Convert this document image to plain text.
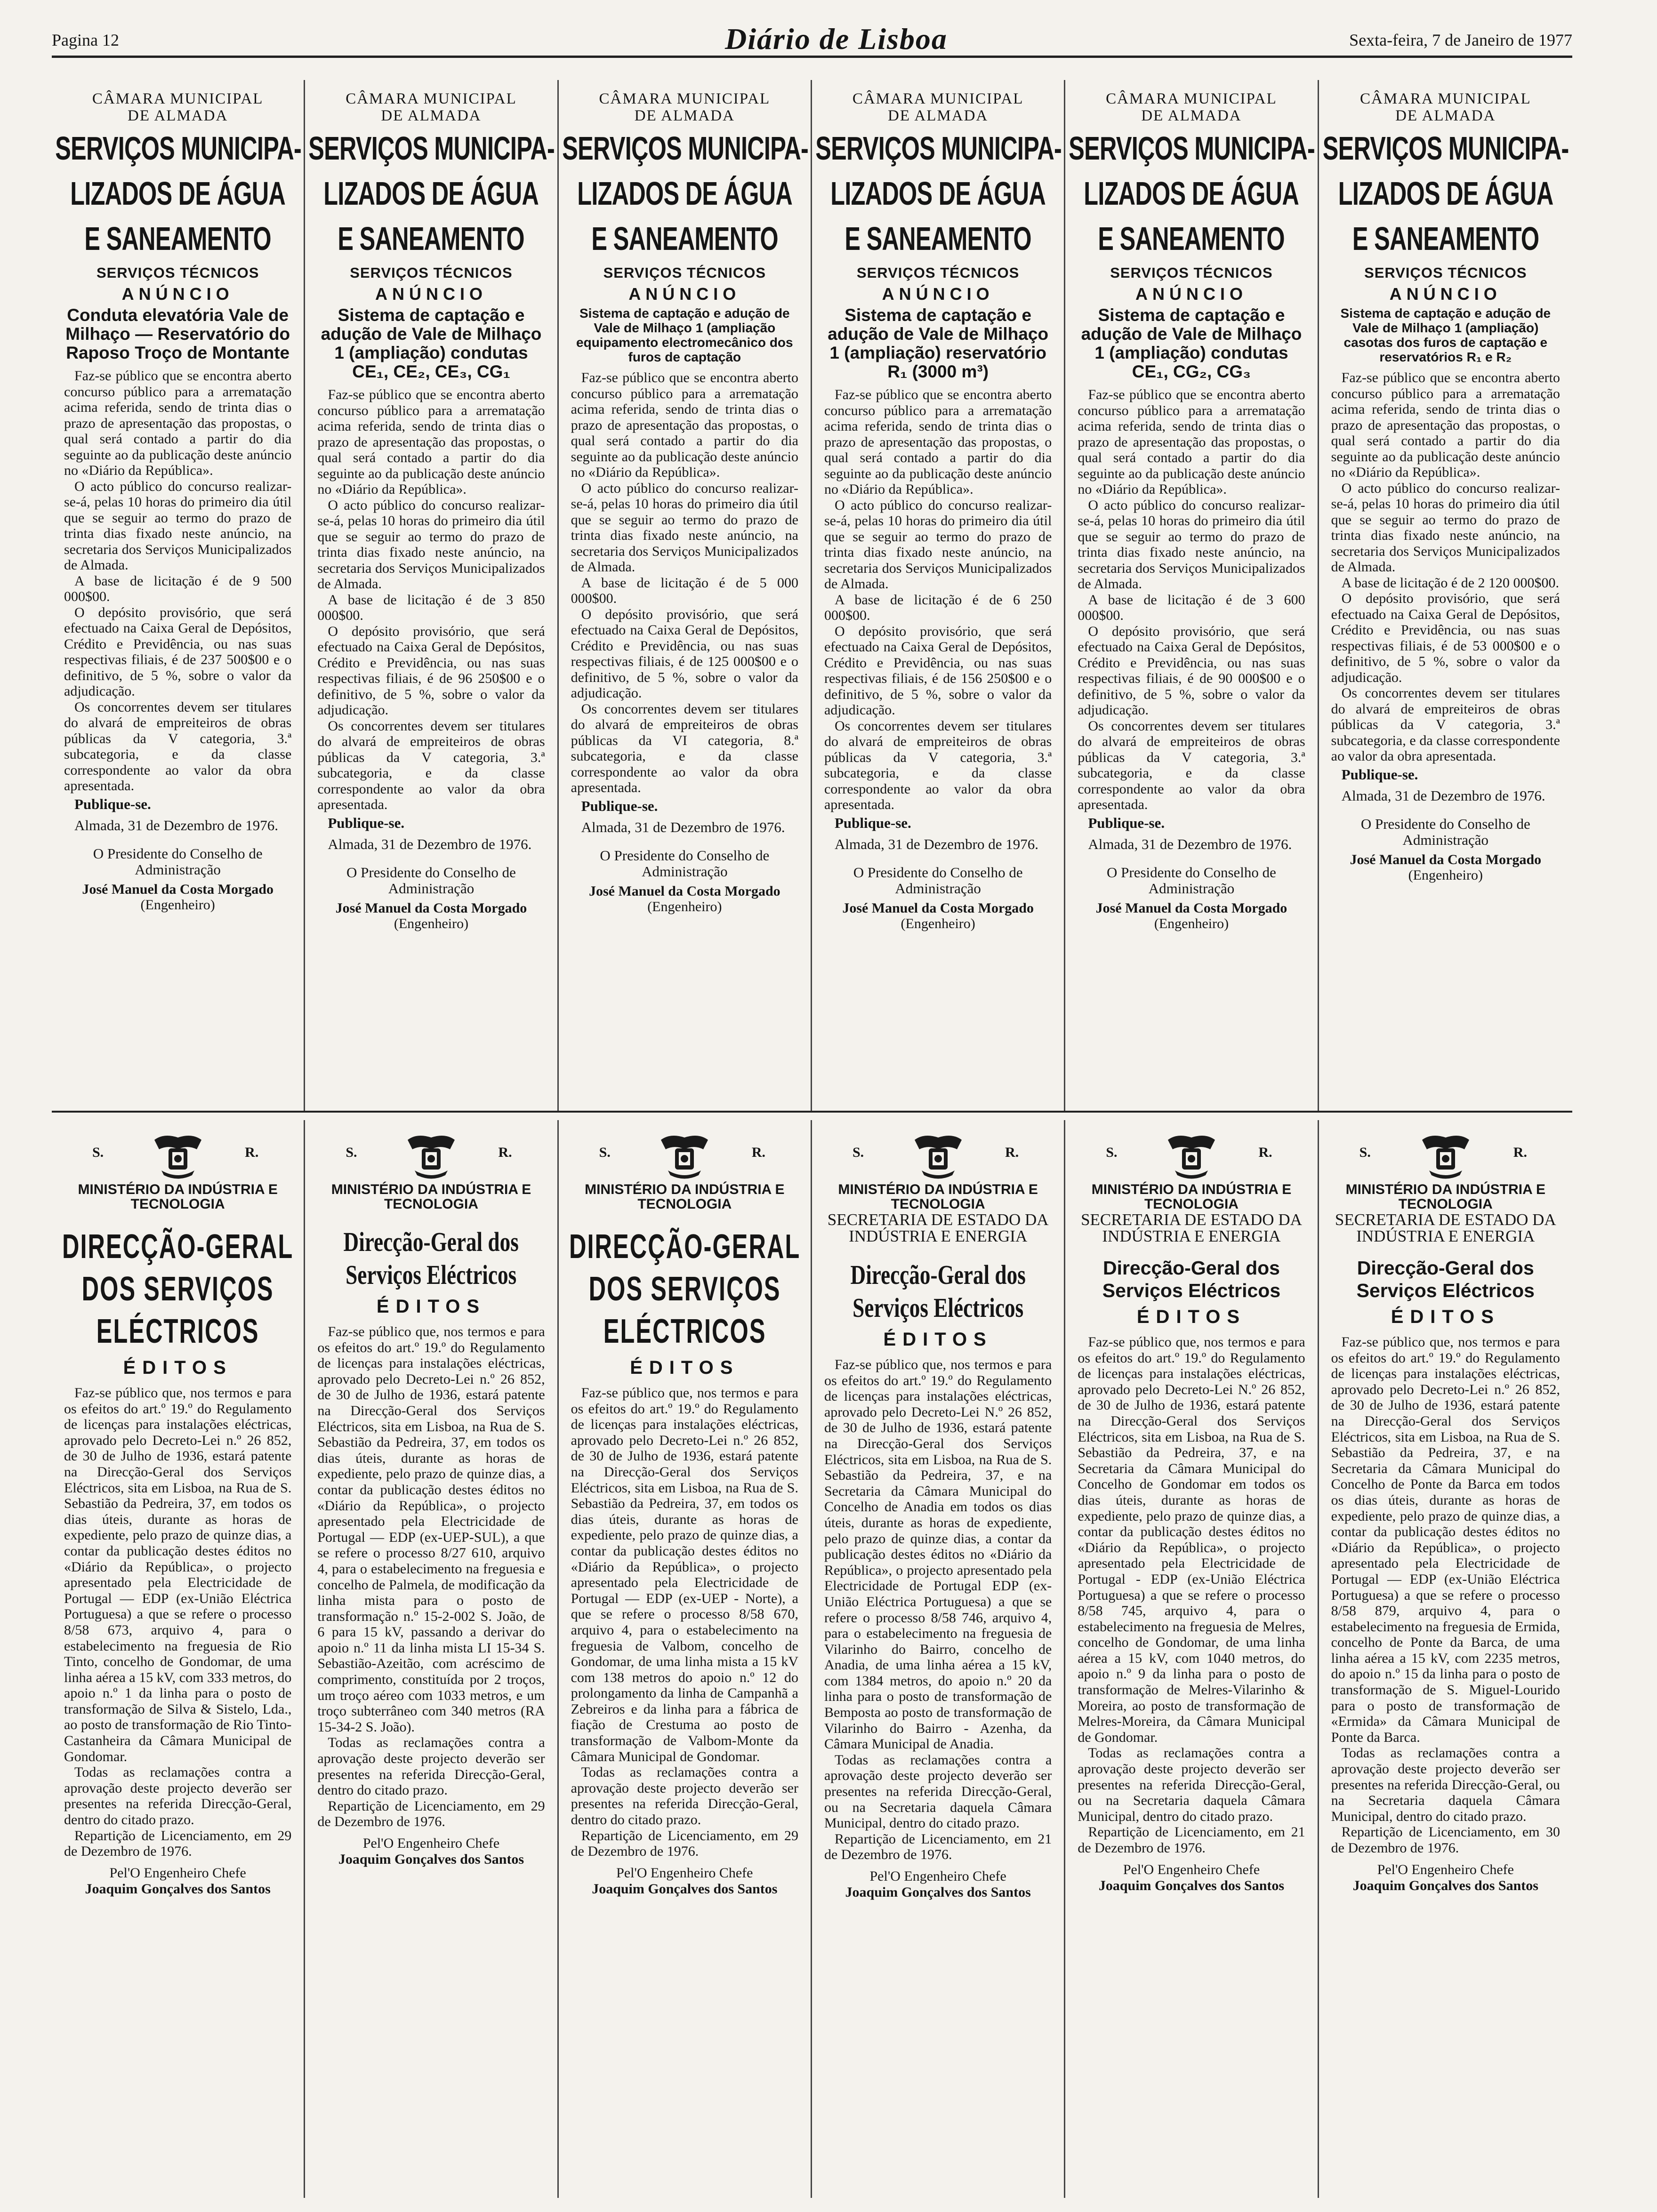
Pagina 12	Diário de Lisboa	Sexta-feira, 7 de Janeiro de 1977
CÂMARA MUNICIPAL
DE ALMADA
SERVIÇOS MUNICIPA-
LIZADOS DE ÁGUA
E SANEAMENTO
SERVIÇOS TÉCNICOS
ANÚNCIO
Conduta elevatória Vale de Milhaço — Reservatório do Raposo Troço de Montante

Faz-se público que se encontra aberto concurso público para a arrematação acima referida, sendo de trinta dias o prazo de apresentação das propostas, o qual será contado a partir do dia seguinte ao da publicação deste anúncio no «Diário da República».

O acto público do concurso realizar-se-á, pelas 10 horas do primeiro dia útil que se seguir ao termo do prazo de trinta dias fixado neste anúncio, na secretaria dos Serviços Municipalizados de Almada.

A base de licitação é de 9 500 000$00.

O depósito provisório, que será efectuado na Caixa Geral de Depósitos, Crédito e Previdência, ou nas suas respectivas filiais, é de 237 500$00 e o definitivo, de 5 %, sobre o valor da adjudicação.

Os concorrentes devem ser titulares do alvará de empreiteiros de obras públicas da V categoria, 3.ª subcategoria, e da classe correspondente ao valor da obra apresentada.

Publique-se.
Almada, 31 de Dezembro de 1976.
O Presidente do Conselho de Administração
José Manuel da Costa Morgado
(Engenheiro)
CÂMARA MUNICIPAL
DE ALMADA
SERVIÇOS MUNICIPA-
LIZADOS DE ÁGUA
E SANEAMENTO
SERVIÇOS TÉCNICOS
ANÚNCIO
Sistema de captação e adução de Vale de Milhaço 1 (ampliação) condutas CE₁, CE₂, CE₃, CG₁

Faz-se público que se encontra aberto concurso público para a arrematação acima referida, sendo de trinta dias o prazo de apresentação das propostas, o qual será contado a partir do dia seguinte ao da publicação deste anúncio no «Diário da República».

O acto público do concurso realizar-se-á, pelas 10 horas do primeiro dia útil que se seguir ao termo do prazo de trinta dias fixado neste anúncio, na secretaria dos Serviços Municipalizados de Almada.

A base de licitação é de 3 850 000$00.

O depósito provisório, que será efectuado na Caixa Geral de Depósitos, Crédito e Previdência, ou nas suas respectivas filiais, é de 96 250$00 e o definitivo, de 5 %, sobre o valor da adjudicação.

Os concorrentes devem ser titulares do alvará de empreiteiros de obras públicas da V categoria, 3.ª subcategoria, e da classe correspondente ao valor da obra apresentada.

Publique-se.
Almada, 31 de Dezembro de 1976.
O Presidente do Conselho de Administração
José Manuel da Costa Morgado
(Engenheiro)
CÂMARA MUNICIPAL
DE ALMADA
SERVIÇOS MUNICIPA-
LIZADOS DE ÁGUA
E SANEAMENTO
SERVIÇOS TÉCNICOS
ANÚNCIO
Sistema de captação e adução de Vale de Milhaço 1 (ampliação equipamento electromecânico dos furos de captação

Faz-se público que se encontra aberto concurso público para a arrematação acima referida, sendo de trinta dias o prazo de apresentação das propostas, o qual será contado a partir do dia seguinte ao da publicação deste anúncio no «Diário da República».

O acto público do concurso realizar-se-á, pelas 10 horas do primeiro dia útil que se seguir ao termo do prazo de trinta dias fixado neste anúncio, na secretaria dos Serviços Municipalizados de Almada.

A base de licitação é de 5 000 000$00.

O depósito provisório, que será efectuado na Caixa Geral de Depósitos, Crédito e Previdência, ou nas suas respectivas filiais, é de 125 000$00 e o definitivo, de 5 %, sobre o valor da adjudicação.

Os concorrentes devem ser titulares do alvará de empreiteiros de obras públicas da VI categoria, 8.ª subcategoria, e da classe correspondente ao valor da obra apresentada.

Publique-se.
Almada, 31 de Dezembro de 1976.
O Presidente do Conselho de Administração
José Manuel da Costa Morgado
(Engenheiro)
CÂMARA MUNICIPAL
DE ALMADA
SERVIÇOS MUNICIPA-
LIZADOS DE ÁGUA
E SANEAMENTO
SERVIÇOS TÉCNICOS
ANÚNCIO
Sistema de captação e adução de Vale de Milhaço 1 (ampliação) reservatório R₁ (3000 m³)

Faz-se público que se encontra aberto concurso público para a arrematação acima referida, sendo de trinta dias o prazo de apresentação das propostas, o qual será contado a partir do dia seguinte ao da publicação deste anúncio no «Diário da República».

O acto público do concurso realizar-se-á, pelas 10 horas do primeiro dia útil que se seguir ao termo do prazo de trinta dias fixado neste anúncio, na secretaria dos Serviços Municipalizados de Almada.

A base de licitação é de 6 250 000$00.

O depósito provisório, que será efectuado na Caixa Geral de Depósitos, Crédito e Previdência, ou nas suas respectivas filiais, é de 156 250$00 e o definitivo, de 5 %, sobre o valor da adjudicação.

Os concorrentes devem ser titulares do alvará de empreiteiros de obras públicas da V categoria, 3.ª subcategoria, e da classe correspondente ao valor da obra apresentada.

Publique-se.
Almada, 31 de Dezembro de 1976.
O Presidente do Conselho de Administração
José Manuel da Costa Morgado
(Engenheiro)
CÂMARA MUNICIPAL
DE ALMADA
SERVIÇOS MUNICIPA-
LIZADOS DE ÁGUA
E SANEAMENTO
SERVIÇOS TÉCNICOS
ANÚNCIO
Sistema de captação e adução de Vale de Milhaço 1 (ampliação) condutas CE₁, CG₂, CG₃

Faz-se público que se encontra aberto concurso público para a arrematação acima referida, sendo de trinta dias o prazo de apresentação das propostas, o qual será contado a partir do dia seguinte ao da publicação deste anúncio no «Diário da República».

O acto público do concurso realizar-se-á, pelas 10 horas do primeiro dia útil que se seguir ao termo do prazo de trinta dias fixado neste anúncio, na secretaria dos Serviços Municipalizados de Almada.

A base de licitação é de 3 600 000$00.

O depósito provisório, que será efectuado na Caixa Geral de Depósitos, Crédito e Previdência, ou nas suas respectivas filiais, é de 90 000$00 e o definitivo, de 5 %, sobre o valor da adjudicação.

Os concorrentes devem ser titulares do alvará de empreiteiros de obras públicas da V categoria, 3.ª subcategoria, e da classe correspondente ao valor da obra apresentada.

Publique-se.
Almada, 31 de Dezembro de 1976.
O Presidente do Conselho de Administração
José Manuel da Costa Morgado
(Engenheiro)
CÂMARA MUNICIPAL
DE ALMADA
SERVIÇOS MUNICIPA-
LIZADOS DE ÁGUA
E SANEAMENTO
SERVIÇOS TÉCNICOS
ANÚNCIO
Sistema de captação e adução de Vale de Milhaço 1 (ampliação) casotas dos furos de captação e reservatórios R₁ e R₂

Faz-se público que se encontra aberto concurso público para a arrematação acima referida, sendo de trinta dias o prazo de apresentação das propostas, o qual será contado a partir do dia seguinte ao da publicação deste anúncio no «Diário da República».

O acto público do concurso realizar-se-á, pelas 10 horas do primeiro dia útil que se seguir ao termo do prazo de trinta dias fixado neste anúncio, na secretaria dos Serviços Municipalizados de Almada.

A base de licitação é de 2 120 000$00.

O depósito provisório, que será efectuado na Caixa Geral de Depósitos, Crédito e Previdência, ou nas suas respectivas filiais, é de 53 000$00 e o definitivo, de 5 %, sobre o valor da adjudicação.

Os concorrentes devem ser titulares do alvará de empreiteiros de obras públicas da V categoria, 3.ª subcategoria, e da classe correspondente ao valor da obra apresentada.

Publique-se.
Almada, 31 de Dezembro de 1976.
O Presidente do Conselho de Administração
José Manuel da Costa Morgado
(Engenheiro)
S.	R.
MINISTÉRIO DA INDÚSTRIA E TECNOLOGIA
DIRECÇÃO-GERAL
DOS SERVIÇOS
ELÉCTRICOS
ÉDITOS

Faz-se público que, nos termos e para os efeitos do art.º 19.º do Regulamento de licenças para instalações eléctricas, aprovado pelo Decreto-Lei n.º 26 852, de 30 de Julho de 1936, estará patente na Direcção-Geral dos Serviços Eléctricos, sita em Lisboa, na Rua de S. Sebastião da Pedreira, 37, em todos os dias úteis, durante as horas de expediente, pelo prazo de quinze dias, a contar da publicação destes éditos no «Diário da República», o projecto apresentado pela Electricidade de Portugal — EDP (ex-União Eléctrica Portuguesa) a que se refere o processo 8/58 673, arquivo 4, para o estabelecimento na freguesia de Rio Tinto, concelho de Gondomar, de uma linha aérea a 15 kV, com 333 metros, do apoio n.º 1 da linha para o posto de transformação de Silva & Sistelo, Lda., ao posto de transformação de Rio Tinto-Castanheira da Câmara Municipal de Gondomar.

Todas as reclamações contra a aprovação deste projecto deverão ser presentes na referida Direcção-Geral, dentro do citado prazo.

Repartição de Licenciamento, em 29 de Dezembro de 1976.

Pel'O Engenheiro Chefe
Joaquim Gonçalves dos Santos
S.	R.
MINISTÉRIO DA INDÚSTRIA E TECNOLOGIA
Direcção-Geral dos
Serviços Eléctricos
ÉDITOS

Faz-se público que, nos termos e para os efeitos do art.º 19.º do Regulamento de licenças para instalações eléctricas, aprovado pelo Decreto-Lei n.º 26 852, de 30 de Julho de 1936, estará patente na Direcção-Geral dos Serviços Eléctricos, sita em Lisboa, na Rua de S. Sebastião da Pedreira, 37, em todos os dias úteis, durante as horas de expediente, pelo prazo de quinze dias, a contar da publicação destes éditos no «Diário da República», o projecto apresentado pela Electricidade de Portugal — EDP (ex-UEP-SUL), a que se refere o processo 8/27 610, arquivo 4, para o estabelecimento na freguesia e concelho de Palmela, de modificação da linha mista para o posto de transformação n.º 15-2-002 S. João, de 6 para 15 kV, passando a derivar do apoio n.º 11 da linha mista LI 15-34 S. Sebastião-Azeitão, com acréscimo de comprimento, constituída por 2 troços, um troço aéreo com 1033 metros, e um troço subterrâneo com 340 metros (RA 15-34-2 S. João).

Todas as reclamações contra a aprovação deste projecto deverão ser presentes na referida Direcção-Geral, dentro do citado prazo.

Repartição de Licenciamento, em 29 de Dezembro de 1976.

Pel'O Engenheiro Chefe
Joaquim Gonçalves dos Santos
S.	R.
MINISTÉRIO DA INDÚSTRIA E TECNOLOGIA
DIRECÇÃO-GERAL
DOS SERVIÇOS
ELÉCTRICOS
ÉDITOS

Faz-se público que, nos termos e para os efeitos do art.º 19.º do Regulamento de licenças para instalações eléctricas, aprovado pelo Decreto-Lei n.º 26 852, de 30 de Julho de 1936, estará patente na Direcção-Geral dos Serviços Eléctricos, sita em Lisboa, na Rua de S. Sebastião da Pedreira, 37, em todos os dias úteis, durante as horas de expediente, pelo prazo de quinze dias, a contar da publicação destes éditos no «Diário da República», o projecto apresentado pela Electricidade de Portugal — EDP (ex-UEP - Norte), a que se refere o processo 8/58 670, arquivo 4, para o estabelecimento na freguesia de Valbom, concelho de Gondomar, de uma linha mista a 15 kV com 138 metros do apoio n.º 12 do prolongamento da linha de Campanhã a Zebreiros e da linha para a fábrica de fiação de Crestuma ao posto de transformação de Valbom-Monte da Câmara Municipal de Gondomar.

Todas as reclamações contra a aprovação deste projecto deverão ser presentes na referida Direcção-Geral, dentro do citado prazo.

Repartição de Licenciamento, em 29 de Dezembro de 1976.

Pel'O Engenheiro Chefe
Joaquim Gonçalves dos Santos
S.	R.
MINISTÉRIO DA INDÚSTRIA E TECNOLOGIA
SECRETARIA DE ESTADO DA INDÚSTRIA E ENERGIA
Direcção-Geral dos
Serviços Eléctricos
ÉDITOS

Faz-se público que, nos termos e para os efeitos do art.º 19.º do Regulamento de licenças para instalações eléctricas, aprovado pelo Decreto-Lei N.º 26 852, de 30 de Julho de 1936, estará patente na Direcção-Geral dos Serviços Eléctricos, sita em Lisboa, na Rua de S. Sebastião da Pedreira, 37, e na Secretaria da Câmara Municipal do Concelho de Anadia em todos os dias úteis, durante as horas de expediente, pelo prazo de quinze dias, a contar da publicação destes éditos no «Diário da República», o projecto apresentado pela Electricidade de Portugal EDP (ex-União Eléctrica Portuguesa) a que se refere o processo 8/58 746, arquivo 4, para o estabelecimento na freguesia de Vilarinho do Bairro, concelho de Anadia, de uma linha aérea a 15 kV, com 1384 metros, do apoio n.º 20 da linha para o posto de transformação de Bemposta ao posto de transformação de Vilarinho do Bairro - Azenha, da Câmara Municipal de Anadia.

Todas as reclamações contra a aprovação deste projecto deverão ser presentes na referida Direcção-Geral, ou na Secretaria daquela Câmara Municipal, dentro do citado prazo.

Repartição de Licenciamento, em 21 de Dezembro de 1976.

Pel'O Engenheiro Chefe
Joaquim Gonçalves dos Santos
S.	R.
MINISTÉRIO DA INDÚSTRIA E TECNOLOGIA
SECRETARIA DE ESTADO DA INDÚSTRIA E ENERGIA
Direcção-Geral dos
Serviços Eléctricos
ÉDITOS

Faz-se público que, nos termos e para os efeitos do art.º 19.º do Regulamento de licenças para instalações eléctricas, aprovado pelo Decreto-Lei N.º 26 852, de 30 de Julho de 1936, estará patente na Direcção-Geral dos Serviços Eléctricos, sita em Lisboa, na Rua de S. Sebastião da Pedreira, 37, e na Secretaria da Câmara Municipal do Concelho de Gondomar em todos os dias úteis, durante as horas de expediente, pelo prazo de quinze dias, a contar da publicação destes éditos no «Diário da República», o projecto apresentado pela Electricidade de Portugal - EDP (ex-União Eléctrica Portuguesa) a que se refere o processo 8/58 745, arquivo 4, para o estabelecimento na freguesia de Melres, concelho de Gondomar, de uma linha aérea a 15 kV, com 1040 metros, do apoio n.º 9 da linha para o posto de transformação de Melres-Vilarinho & Moreira, ao posto de transformação de Melres-Moreira, da Câmara Municipal de Gondomar.

Todas as reclamações contra a aprovação deste projecto deverão ser presentes na referida Direcção-Geral, ou na Secretaria daquela Câmara Municipal, dentro do citado prazo.

Repartição de Licenciamento, em 21 de Dezembro de 1976.

Pel'O Engenheiro Chefe
Joaquim Gonçalves dos Santos
S.	R.
MINISTÉRIO DA INDÚSTRIA E TECNOLOGIA
SECRETARIA DE ESTADO DA INDÚSTRIA E ENERGIA
Direcção-Geral dos
Serviços Eléctricos
ÉDITOS

Faz-se público que, nos termos e para os efeitos do art.º 19.º do Regulamento de licenças para instalações eléctricas, aprovado pelo Decreto-Lei n.º 26 852, de 30 de Julho de 1936, estará patente na Direcção-Geral dos Serviços Eléctricos, sita em Lisboa, na Rua de S. Sebastião da Pedreira, 37, e na Secretaria da Câmara Municipal do Concelho de Ponte da Barca em todos os dias úteis, durante as horas de expediente, pelo prazo de quinze dias, a contar da publicação destes éditos no «Diário da República», o projecto apresentado pela Electricidade de Portugal — EDP (ex-União Eléctrica Portuguesa) a que se refere o processo 8/58 879, arquivo 4, para o estabelecimento na freguesia de Ermida, concelho de Ponte da Barca, de uma linha aérea a 15 kV, com 2235 metros, do apoio n.º 15 da linha para o posto de transformação de S. Miguel-Lourido para o posto de transformação de «Ermida» da Câmara Municipal de Ponte da Barca.

Todas as reclamações contra a aprovação deste projecto deverão ser presentes na referida Direcção-Geral, ou na Secretaria daquela Câmara Municipal, dentro do citado prazo.

Repartição de Licenciamento, em 30 de Dezembro de 1976.

Pel'O Engenheiro Chefe
Joaquim Gonçalves dos Santos
